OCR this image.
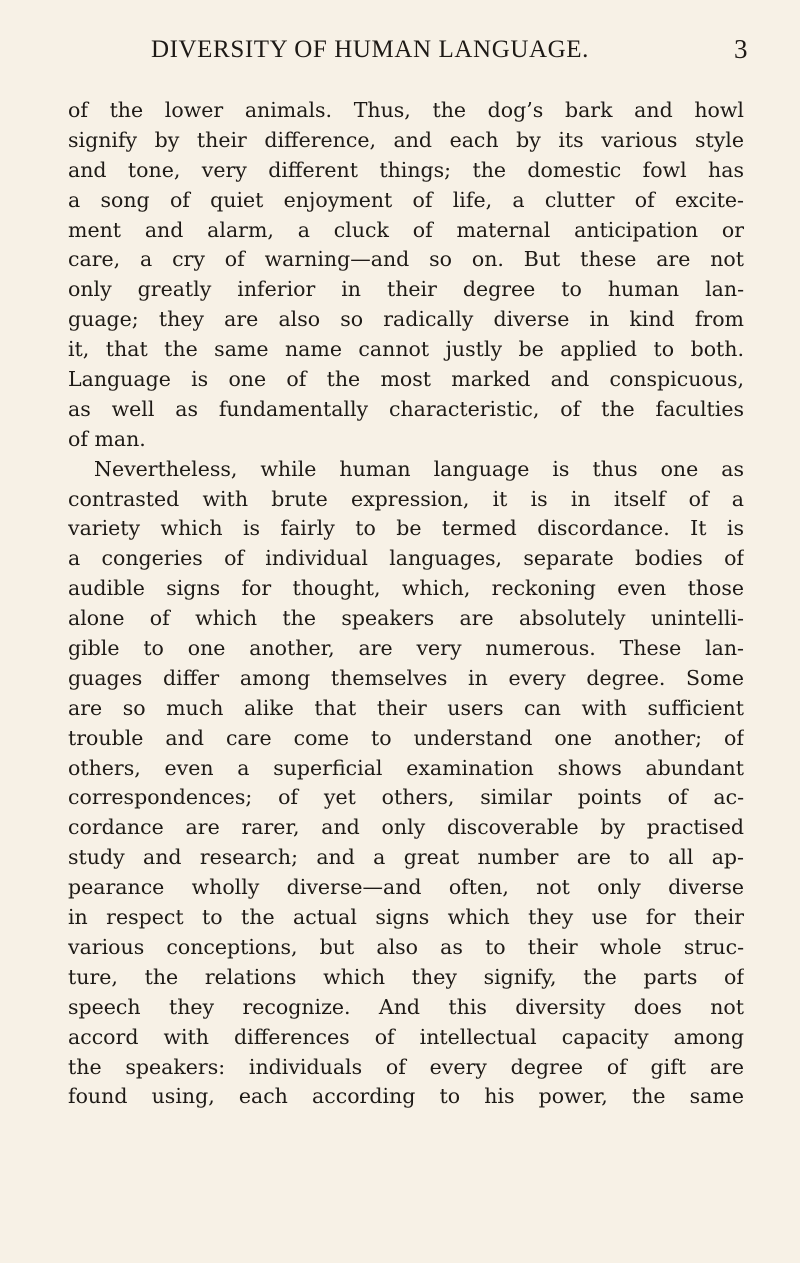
DIVERSITY OF HUMAN LANGUAGE.	3
of the lower animals. Thus, the dog’s bark and howl
signify by their difference, and each by its various style
and tone, very different things; the domestic fowl has
a song of quiet enjoyment of life, a clutter of excite-
ment and alarm, a cluck of maternal anticipation or
care, a cry of warning—and so on. But these are not
only greatly inferior in their degree to human lan-
guage; they are also so radically diverse in kind from
it, that the same name cannot justly be applied to both.
Language is one of the most marked and conspicuous,
as well as fundamentally characteristic, of the faculties
of man.
Nevertheless, while human language is thus one as
contrasted with brute expression, it is in itself of a
variety which is fairly to be termed discordance. It is
a congeries of individual languages, separate bodies of
audible signs for thought, which, reckoning even those
alone of which the speakers are absolutely unintelli-
gible to one another, are very numerous. These lan-
guages differ among themselves in every degree. Some
are so much alike that their users can with sufficient
trouble and care come to understand one another; of
others, even a superficial examination shows abundant
correspondences; of yet others, similar points of ac-
cordance are rarer, and only discoverable by practised
study and research; and a great number are to all ap-
pearance wholly diverse—and often, not only diverse
in respect to the actual signs which they use for their
various conceptions, but also as to their whole struc-
ture, the relations which they signify, the parts of
speech they recognize. And this diversity does not
accord with differences of intellectual capacity among
the speakers: individuals of every degree of gift are
found using, each according to his power, the same
